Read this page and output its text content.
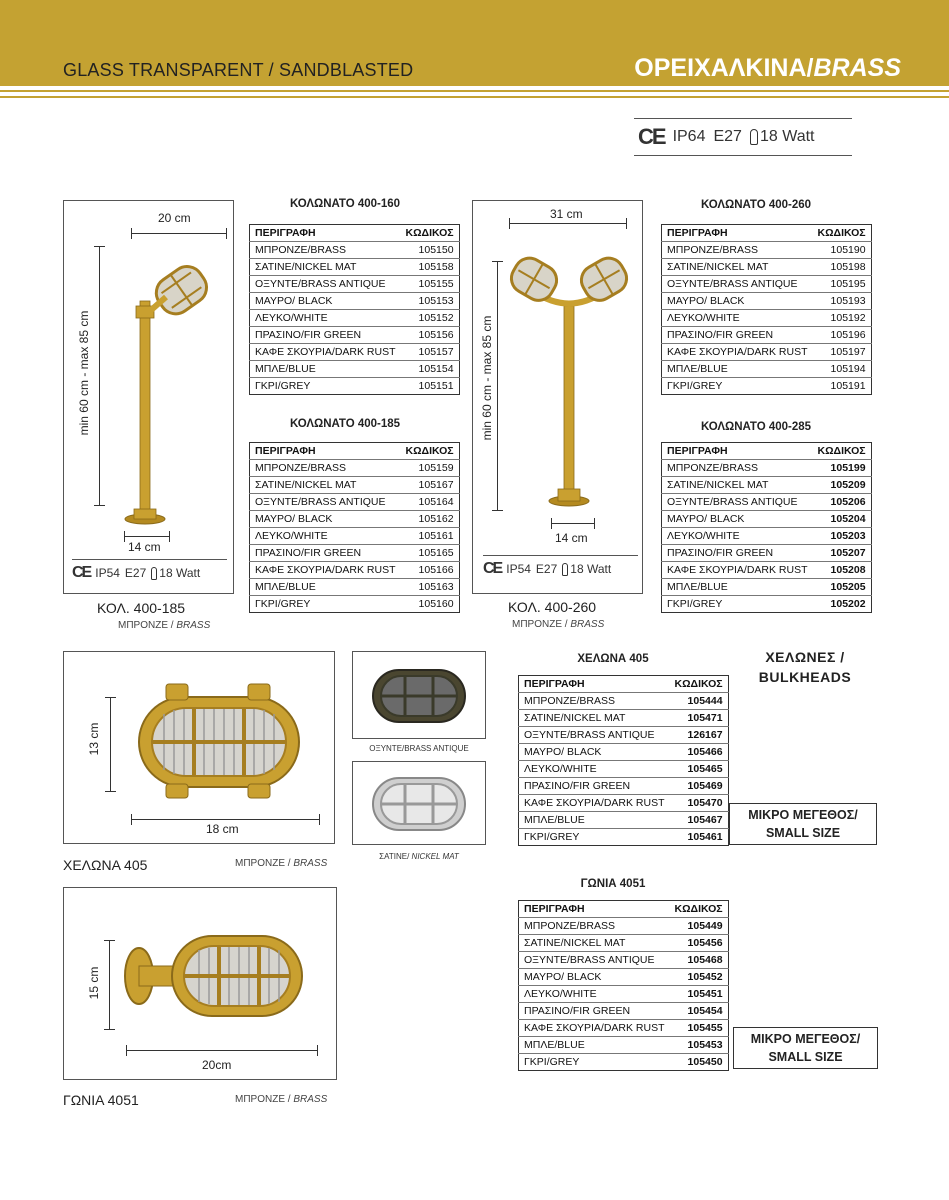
GLASS TRANSPARENT / SANDBLASTED	ΟΡΕΙΧΑΛΚΙΝΑ/BRASS
CE IP64 E27	18 Watt
20 cm
min 60 cm - max 85 cm
14 cm
CE IP54 E27	18 Watt
ΚΟΛ. 400-185
ΜΠΡΟΝΖΕ / BRASS
ΚΟΛΩΝΑΤΟ 400-160
ΠΕΡΙΓΡΑΦΗ	ΚΩΔΙΚΟΣ
ΜΠΡΟΝΖΕ/BRASS	105150
ΣΑΤΙΝΕ/NICKEL MAT	105158
ΟΞΥΝΤΕ/BRASS ANTIQUE	105155
ΜΑΥΡΟ/ BLACK	105153
ΛΕΥΚΟ/WHITE	105152
ΠΡΑΣΙΝΟ/FIR GREEN	105156
ΚΑΦΕ ΣΚΟΥΡΙΑ/DARK RUST	105157
ΜΠΛΕ/BLUE	105154
ΓΚΡΙ/GREY	105151
ΚΟΛΩΝΑΤΟ 400-185
ΠΕΡΙΓΡΑΦΗ	ΚΩΔΙΚΟΣ
ΜΠΡΟΝΖΕ/BRASS	105159
ΣΑΤΙΝΕ/NICKEL MAT	105167
ΟΞΥΝΤΕ/BRASS ANTIQUE	105164
ΜΑΥΡΟ/ BLACK	105162
ΛΕΥΚΟ/WHITE	105161
ΠΡΑΣΙΝΟ/FIR GREEN	105165
ΚΑΦΕ ΣΚΟΥΡΙΑ/DARK RUST	105166
ΜΠΛΕ/BLUE	105163
ΓΚΡΙ/GREY	105160
31 cm
min 60 cm - max 85 cm
14 cm
CE IP54 E27	18 Watt
ΚΟΛ. 400-260
ΜΠΡΟΝΖΕ / BRASS
ΚΟΛΩΝΑΤΟ 400-260
ΠΕΡΙΓΡΑΦΗ	ΚΩΔΙΚΟΣ
ΜΠΡΟΝΖΕ/BRASS	105190
ΣΑΤΙΝΕ/NICKEL MAT	105198
ΟΞΥΝΤΕ/BRASS ANTIQUE	105195
ΜΑΥΡΟ/ BLACK	105193
ΛΕΥΚΟ/WHITE	105192
ΠΡΑΣΙΝΟ/FIR GREEN	105196
ΚΑΦΕ ΣΚΟΥΡΙΑ/DARK RUST	105197
ΜΠΛΕ/BLUE	105194
ΓΚΡΙ/GREY	105191
ΚΟΛΩΝΑΤΟ 400-285
ΠΕΡΙΓΡΑΦΗ	ΚΩΔΙΚΟΣ
ΜΠΡΟΝΖΕ/BRASS	105199
ΣΑΤΙΝΕ/NICKEL MAT	105209
ΟΞΥΝΤΕ/BRASS ANTIQUE	105206
ΜΑΥΡΟ/ BLACK	105204
ΛΕΥΚΟ/WHITE	105203
ΠΡΑΣΙΝΟ/FIR GREEN	105207
ΚΑΦΕ ΣΚΟΥΡΙΑ/DARK RUST	105208
ΜΠΛΕ/BLUE	105205
ΓΚΡΙ/GREY	105202
13 cm
18 cm
ΧΕΛΩΝΑ 405	ΜΠΡΟΝΖΕ / BRASS
ΟΞΥΝΤΕ/BRASS ANTIQUE
ΣΑΤΙΝΕ/ NICKEL MAT
ΧΕΛΩΝΑ 405
ΠΕΡΙΓΡΑΦΗ	ΚΩΔΙΚΟΣ
ΜΠΡΟΝΖΕ/BRASS	105444
ΣΑΤΙΝΕ/NICKEL MAT	105471
ΟΞΥΝΤΕ/BRASS ANTIQUE	126167
ΜΑΥΡΟ/ BLACK	105466
ΛΕΥΚΟ/WHITE	105465
ΠΡΑΣΙΝΟ/FIR GREEN	105469
ΚΑΦΕ ΣΚΟΥΡΙΑ/DARK RUST	105470
ΜΠΛΕ/BLUE	105467
ΓΚΡΙ/GREY	105461
ΧΕΛΩΝΕΣ /
BULKHEADS
ΜΙΚΡΟ ΜΕΓΕΘΟΣ/
SMALL SIZE
15 cm
20cm
ΓΩΝΙΑ 4051	ΜΠΡΟΝΖΕ / BRASS
ΓΩΝΙΑ 4051
ΠΕΡΙΓΡΑΦΗ	ΚΩΔΙΚΟΣ
ΜΠΡΟΝΖΕ/BRASS	105449
ΣΑΤΙΝΕ/NICKEL MAT	105456
ΟΞΥΝΤΕ/BRASS ANTIQUE	105468
ΜΑΥΡΟ/ BLACK	105452
ΛΕΥΚΟ/WHITE	105451
ΠΡΑΣΙΝΟ/FIR GREEN	105454
ΚΑΦΕ ΣΚΟΥΡΙΑ/DARK RUST	105455
ΜΠΛΕ/BLUE	105453
ΓΚΡΙ/GREY	105450
ΜΙΚΡΟ ΜΕΓΕΘΟΣ/
SMALL SIZE
